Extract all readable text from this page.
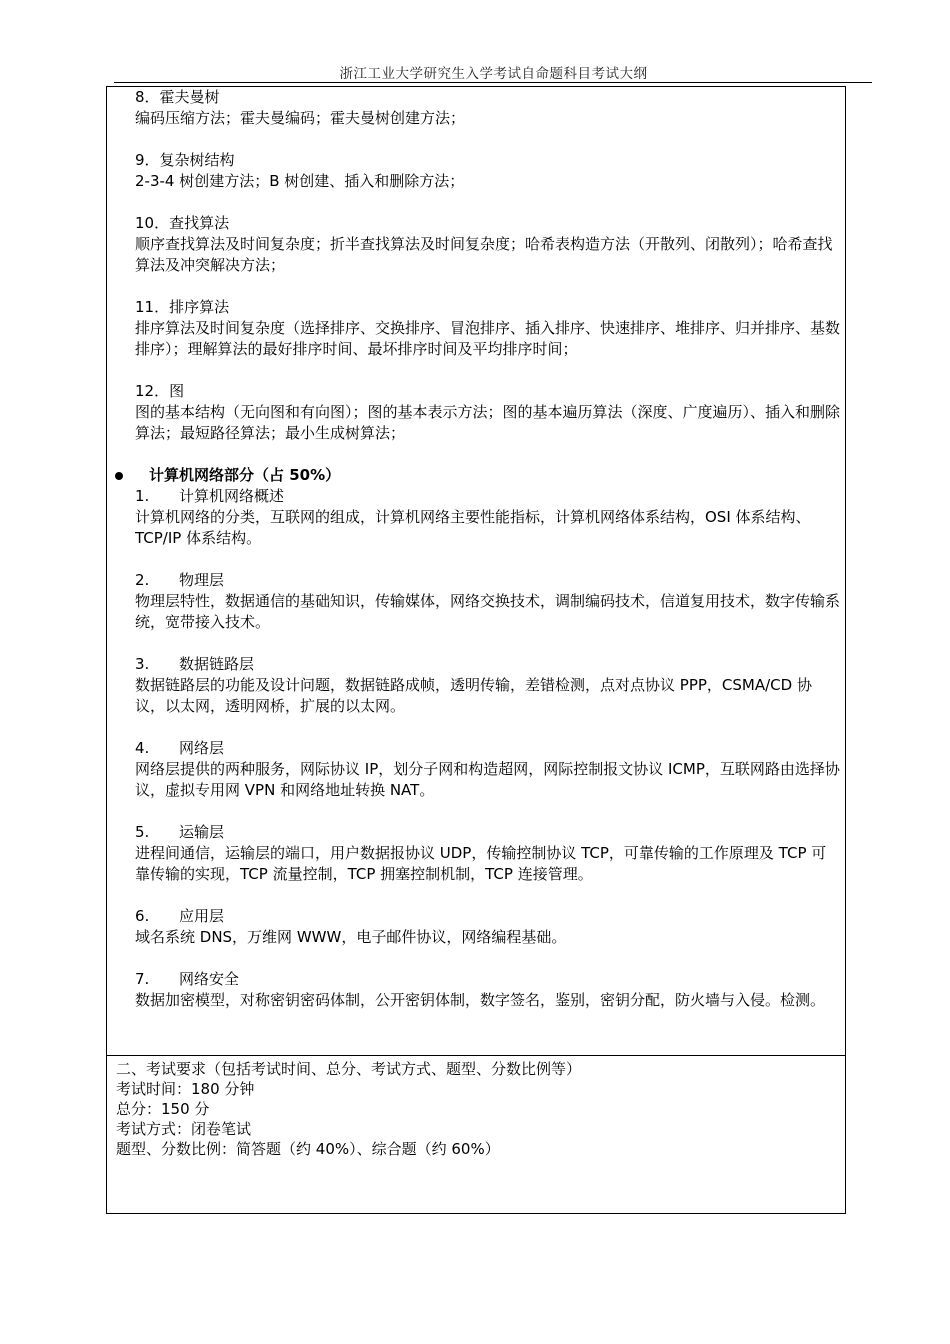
浙江工业大学研究生入学考试自命题科目考试大纲
8．霍夫曼树
编码压缩方法；霍夫曼编码；霍夫曼树创建方法；
9．复杂树结构
2-3-4 树创建方法；B 树创建、插入和删除方法；
10．查找算法
顺序查找算法及时间复杂度；折半查找算法及时间复杂度；哈希表构造方法（开散列、闭散列）；哈希查找算法及冲突解决方法；
11．排序算法
排序算法及时间复杂度（选择排序、交换排序、冒泡排序、插入排序、快速排序、堆排序、归并排序、基数排序）；理解算法的最好排序时间、最坏排序时间及平均排序时间；
12．图
图的基本结构（无向图和有向图）；图的基本表示方法；图的基本遍历算法（深度、广度遍历）、插入和删除算法；最短路径算法；最小生成树算法；
计算机网络部分（占 50%）
1. 计算机网络概述
计算机网络的分类，互联网的组成，计算机网络主要性能指标，计算机网络体系结构，OSI 体系结构、TCP/IP 体系结构。
2. 物理层
物理层特性，数据通信的基础知识，传输媒体，网络交换技术，调制编码技术，信道复用技术，数字传输系统，宽带接入技术。
3. 数据链路层
数据链路层的功能及设计问题，数据链路成帧，透明传输，差错检测，点对点协议 PPP，CSMA/CD 协议，以太网，透明网桥，扩展的以太网。
4. 网络层
网络层提供的两种服务，网际协议 IP，划分子网和构造超网，网际控制报文协议 ICMP，互联网路由选择协议，虚拟专用网 VPN 和网络地址转换 NAT。
5. 运输层
进程间通信，运输层的端口，用户数据报协议 UDP，传输控制协议 TCP，可靠传输的工作原理及 TCP 可靠传输的实现，TCP 流量控制，TCP 拥塞控制机制，TCP 连接管理。
6. 应用层
域名系统 DNS，万维网 WWW，电子邮件协议，网络编程基础。
7. 网络安全
数据加密模型，对称密钥密码体制，公开密钥体制，数字签名，鉴别，密钥分配，防火墙与入侵。检测。
二、考试要求（包括考试时间、总分、考试方式、题型、分数比例等）
考试时间：180 分钟
总分：150 分
考试方式：闭卷笔试
题型、分数比例：简答题（约 40%）、综合题（约 60%）
